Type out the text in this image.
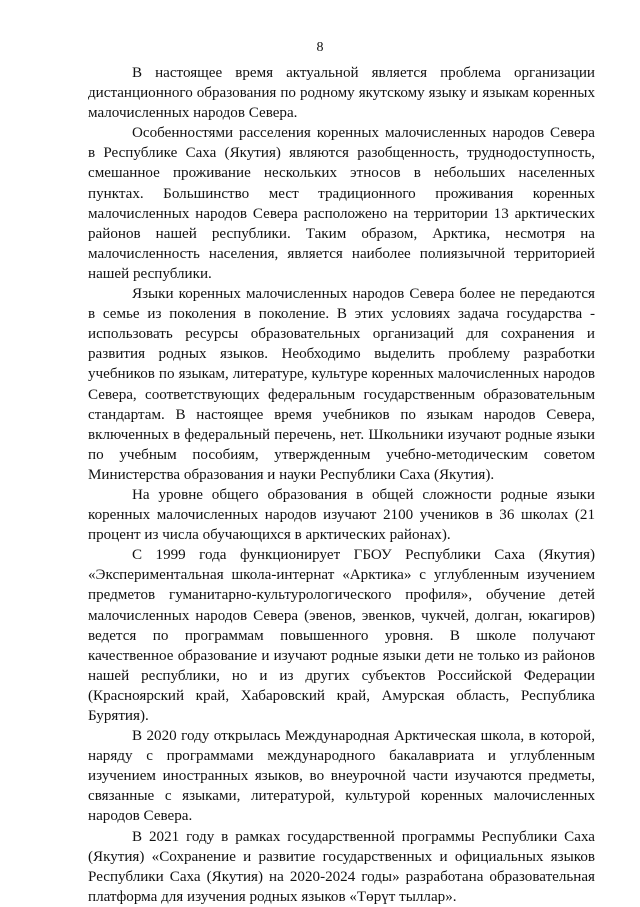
8

В настоящее время актуальной является проблема организации дистанционного образования по родному якутскому языку и языкам коренных малочисленных народов Севера.

Особенностями расселения коренных малочисленных народов Севера в Республике Саха (Якутия) являются разобщенность, труднодоступность, смешанное проживание нескольких этносов в небольших населенных пунктах. Большинство мест традиционного проживания коренных малочисленных народов Севера расположено на территории 13 арктических районов нашей республики. Таким образом, Арктика, несмотря на малочисленность населения, является наиболее полиязычной территорией нашей республики.

Языки коренных малочисленных народов Севера более не передаются в семье из поколения в поколение. В этих условиях задача государства - использовать ресурсы образовательных организаций для сохранения и развития родных языков. Необходимо выделить проблему разработки учебников по языкам, литературе, культуре коренных малочисленных народов Севера, соответствующих федеральным государственным образовательным стандартам. В настоящее время учебников по языкам народов Севера, включенных в федеральный перечень, нет. Школьники изучают родные языки по учебным пособиям, утвержденным учебно-методическим советом Министерства образования и науки Республики Саха (Якутия).

На уровне общего образования в общей сложности родные языки коренных малочисленных народов изучают 2100 учеников в 36 школах (21 процент из числа обучающихся в арктических районах).

С 1999 года функционирует ГБОУ Республики Саха (Якутия) «Экспериментальная школа-интернат «Арктика» с углубленным изучением предметов гуманитарно-культурологического профиля», обучение детей малочисленных народов Севера (эвенов, эвенков, чукчей, долган, юкагиров) ведется по программам повышенного уровня. В школе получают качественное образование и изучают родные языки дети не только из районов нашей республики, но и из других субъектов Российской Федерации (Красноярский край, Хабаровский край, Амурская область, Республика Бурятия).

В 2020 году открылась Международная Арктическая школа, в которой, наряду с программами международного бакалавриата и углубленным изучением иностранных языков, во внеурочной части изучаются предметы, связанные с языками, литературой, культурой коренных малочисленных народов Севера.

В 2021 году в рамках государственной программы Республики Саха (Якутия) «Сохранение и развитие государственных и официальных языков Республики Саха (Якутия) на 2020-2024 годы» разработана образовательная платформа для изучения родных языков «Төрүт тыллар».
